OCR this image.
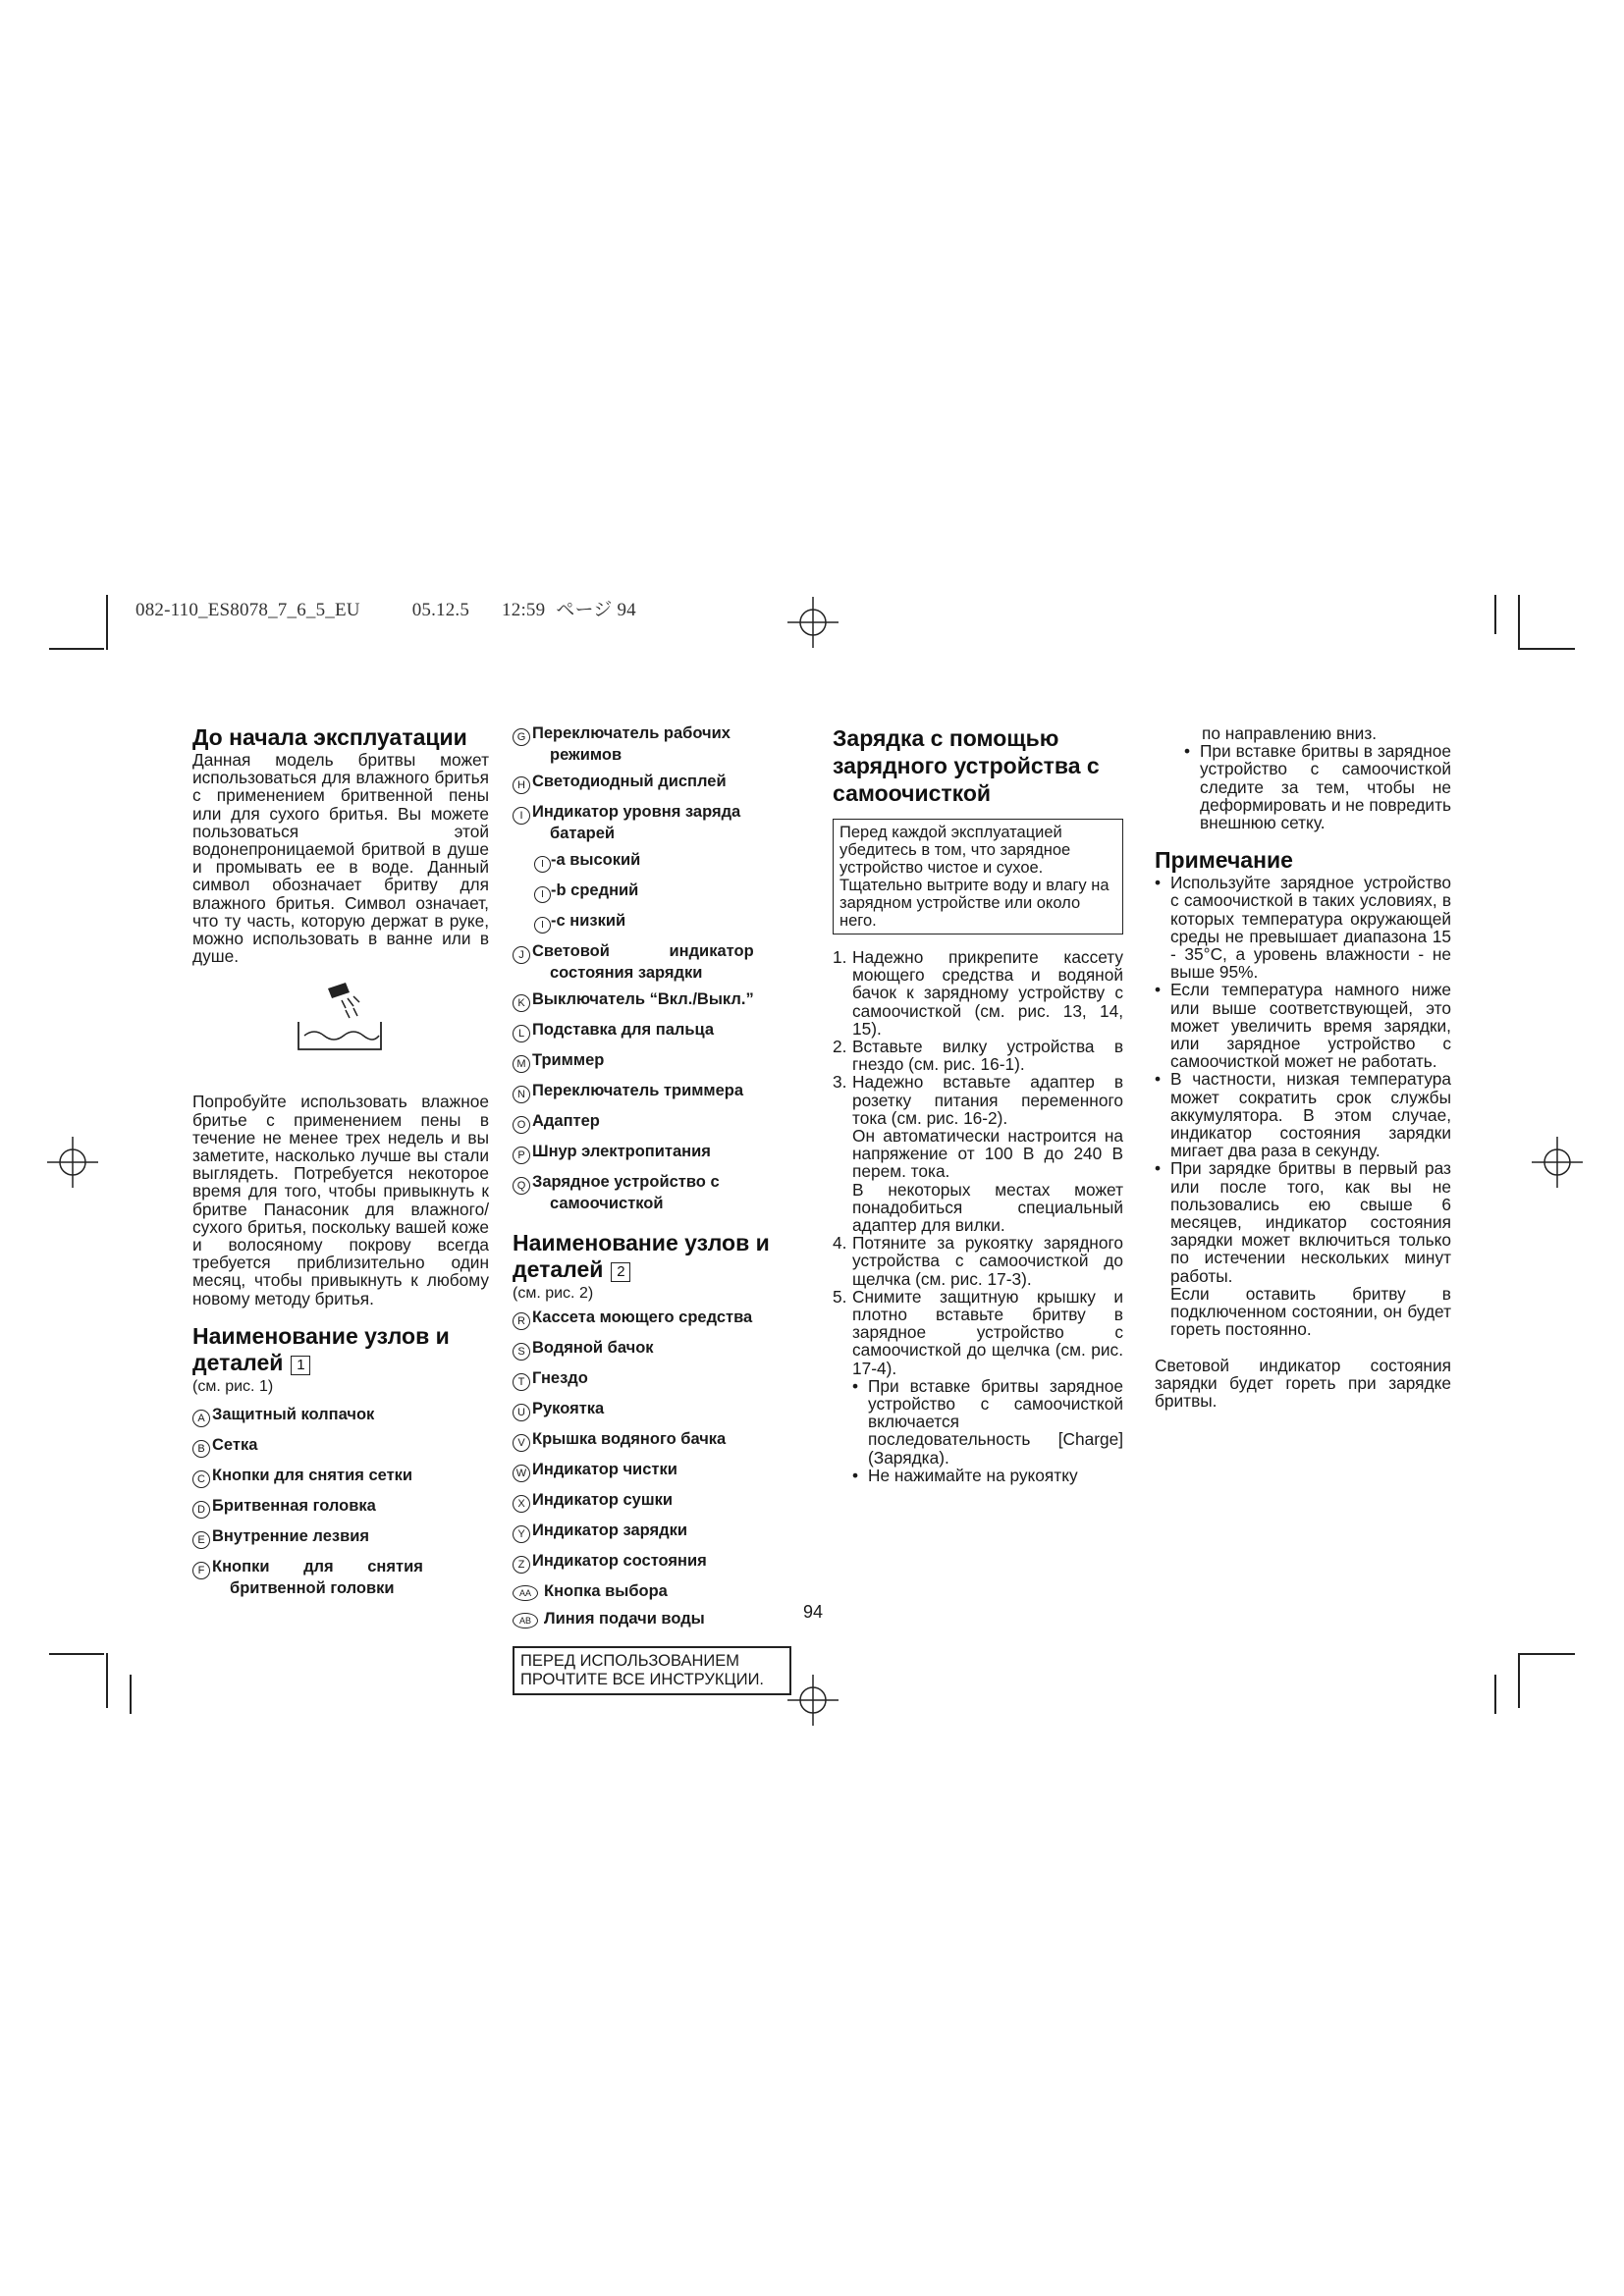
082-110_ES8078_7_6_5_EU	05.12.5 12:59 ページ 94
До начала эксплуатации

Данная модель бритвы может использоваться для влажного бритья с применением бритвенной пены или для сухого бритья. Вы можете пользоваться этой водонепроницаемой бритвой в душе и промывать ее в воде. Данный символ обозначает бритву для влажного бритья. Символ означает, что ту часть, которую держат в руке, можно использовать в ванне или в душе.

Попробуйте использовать влажное бритье с применением пены в течение не менее трех недель и вы заметите, насколько лучше вы стали выглядеть. Потребуется некоторое время для того, чтобы привыкнуть к бритве Панасоник для влажного/сухого бритья, поскольку вашей коже и волосяному покрову всегда требуется приблизительно один месяц, чтобы привыкнуть к любому новому методу бритья.

Наименование узлов и деталей 1
(см. рис. 1)
A Защитный колпачок
B Сетка
C Кнопки для снятия сетки
D Бритвенная головка
E Внутренние лезвия
F Кнопки для снятия
бритвенной головки
G Переключатель рабочих
режимов
H Светодиодный дисплей
I Индикатор уровня заряда
батарей
I -a высокий
I -b средний
I -c низкий
J Световой индикатор
состояния зарядки
K Выключатель “Вкл./Выкл.”
L Подставка для пальца
M Триммер
N Переключатель триммера
O Адаптер
P Шнур электропитания
Q Зарядное устройство с
самоочисткой
Наименование узлов и деталей 2
(см. рис. 2)
R Кассета моющего средства
S Водяной бачок
T Гнездо
U Рукоятка
V Крышка водяного бачка
W Индикатор чистки
X Индикатор сушки
Y Индикатор зарядки
Z Индикатор состояния
AA Кнопка выбора
AB Линия подачи воды
ПЕРЕД ИСПОЛЬЗОВАНИЕМ
ПРОЧТИТЕ ВСЕ ИНСТРУКЦИИ.
94
Зарядка с помощью зарядного устройства с самоочисткой
Перед каждой эксплуатацией убедитесь в том, что зарядное устройство чистое и сухое. Тщательно вытрите воду и влагу на зарядном устройстве или около него.
1. Надежно прикрепите кассету моющего средства и водяной бачок к зарядному устройству с самоочисткой (см. рис. 13, 14, 15).
2. Вставьте вилку устройства в гнездо (см. рис. 16-1).
3. Надежно вставьте адаптер в розетку питания переменного тока (см. рис. 16-2).
Он автоматически настроится на напряжение от 100 В до 240 В перем. тока.
В некоторых местах может понадобиться специальный адаптер для вилки.
4. Потяните за рукоятку зарядного устройства с самоочисткой до щелчка (см. рис. 17-3).
5. Снимите защитную крышку и плотно вставьте бритву в зарядное устройство с самоочисткой до щелчка (см. рис. 17-4).
• При вставке бритвы зарядное устройство с самоочисткой включается последовательность [Charge] (Зарядка).
• Не нажимайте на рукоятку

по направлению вниз.

• При вставке бритвы в зарядное устройство с самоочисткой следите за тем, чтобы не деформировать и не повредить внешнюю сетку.
Примечание
• Используйте зарядное устройство с самоочисткой в таких условиях, в которых температура окружающей среды не превышает диапазона 15 - 35°C, а уровень влажности - не выше 95%.
• Если температура намного ниже или выше соответствующей, это может увеличить время зарядки, или зарядное устройство с самоочисткой может не работать.
• В частности, низкая температура может сократить срок службы аккумулятора. В этом случае, индикатор состояния зарядки мигает два раза в секунду.
• При зарядке бритвы в первый раз или после того, как вы не пользовались ею свыше 6 месяцев, индикатор состояния зарядки может включиться только по истечении нескольких минут работы.

Если оставить бритву в подключенном состоянии, он будет гореть постоянно.

Световой индикатор состояния зарядки будет гореть при зарядке бритвы.
